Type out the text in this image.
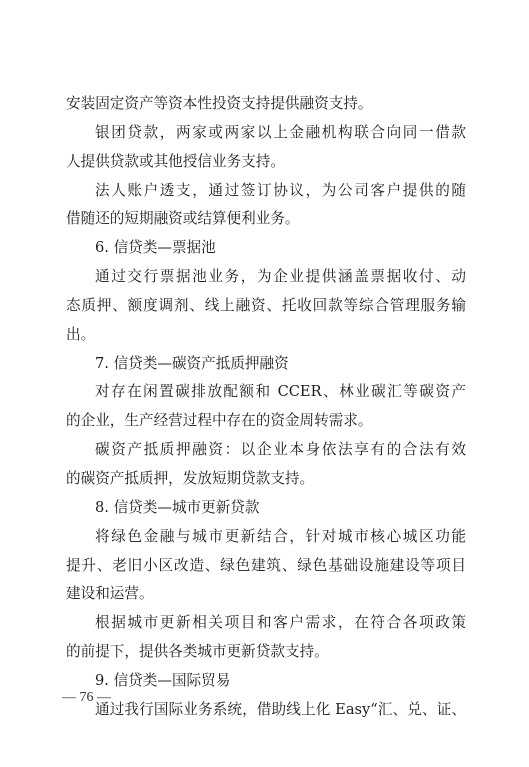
安装固定资产等资本性投资支持提供融资支持。
银团贷款，两家或两家以上金融机构联合向同一借款
人提供贷款或其他授信业务支持。
法人账户透支，通过签订协议，为公司客户提供的随
借随还的短期融资或结算便利业务。
6. 信贷类—票据池
通过交行票据池业务，为企业提供涵盖票据收付、动
态质押、额度调剂、线上融资、托收回款等综合管理服务输
出。
7. 信贷类—碳资产抵质押融资
对存在闲置碳排放配额和 CCER、林业碳汇等碳资产
的企业，生产经营过程中存在的资金周转需求。
碳资产抵质押融资：以企业本身依法享有的合法有效
的碳资产抵质押，发放短期贷款支持。
8. 信贷类—城市更新贷款
将绿色金融与城市更新结合，针对城市核心城区功能
提升、老旧小区改造、绿色建筑、绿色基础设施建设等项目
建设和运营。
根据城市更新相关项目和客户需求，在符合各项政策
的前提下，提供各类城市更新贷款支持。
9. 信贷类—国际贸易
通过我行国际业务系统，借助线上化 Easy“汇、兑、证、
— 76 —
